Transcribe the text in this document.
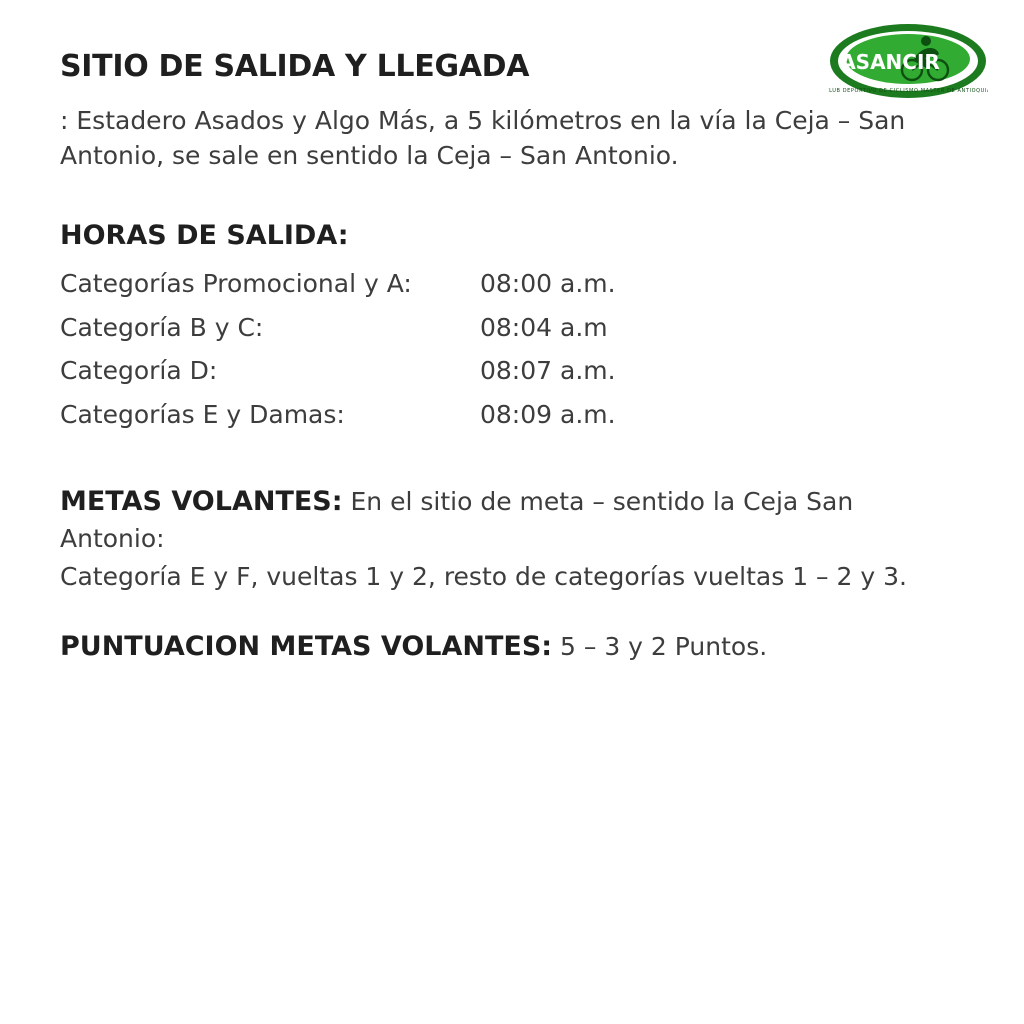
ASANCIR
CLUB DEPORTIVO DE CICLISMO MASTER DE ANTIOQUIA
SITIO DE SALIDA Y LLEGADA

: Estadero Asados y Algo Más, a 5 kilómetros en la vía la Ceja – San Antonio, se sale en sentido la Ceja – San Antonio.

HORAS DE SALIDA:
Categorías Promocional y A:	08:00 a.m.
Categoría B y C:	08:04 a.m
Categoría D:	08:07 a.m.
Categorías E y Damas:	08:09 a.m.

METAS VOLANTES: En el sitio de meta – sentido la Ceja San Antonio:

Categoría E y F, vueltas 1 y 2, resto de categorías vueltas 1 – 2 y 3.

PUNTUACION METAS VOLANTES: 5 – 3 y 2 Puntos.
